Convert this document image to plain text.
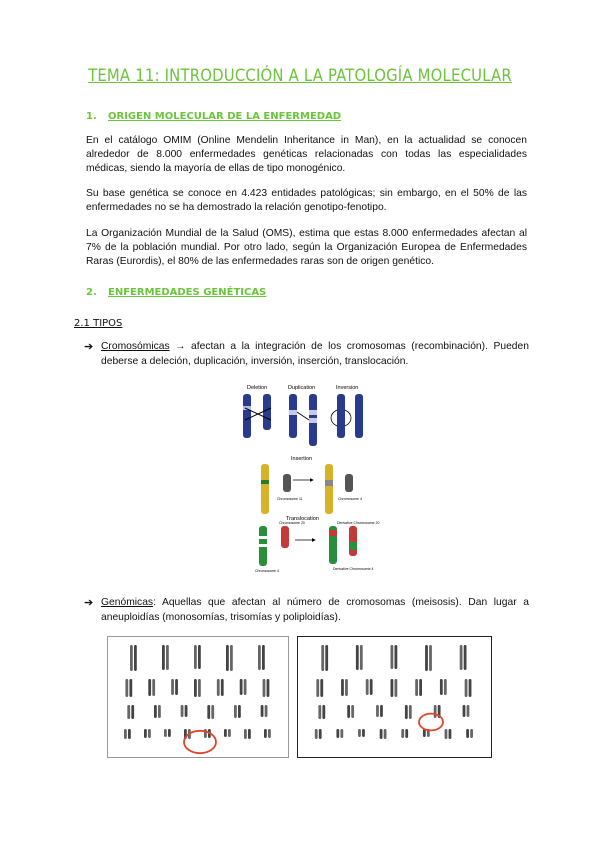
TEMA 11: INTRODUCCIÓN A LA PATOLOGÍA MOLECULAR
1. ORIGEN MOLECULAR DE LA ENFERMEDAD
En el catálogo OMIM (Online Mendelin Inheritance in Man), en la actualidad se conocen alrededor de 8.000 enfermedades genéticas relacionadas con todas las especialidades médicas, siendo la mayoría de ellas de tipo monogénico.
Su base genética se conoce en 4.423 entidades patológicas; sin embargo, en el 50% de las enfermedades no se ha demostrado la relación genotipo-fenotipo.
La Organización Mundial de la Salud (OMS), estima que estas 8.000 enfermedades afectan al 7% de la población mundial. Por otro lado, según la Organización Europea de Enfermedades Raras (Eurordis), el 80% de las enfermedades raras son de origen genético.
2. ENFERMEDADES GENÉTICAS
2.1 TIPOS
➔ Cromosómicas → afectan a la integración de los cromosomas (recombinación). Pueden deberse a deleción, duplicación, inversión, inserción, translocación.
Deletion	Duplication	Inversion
Insertion
Chromosome 11	Chromosome 4
Translocation
Chromosome 20
Chromosome 4
Derivative Chromosome 20
Derivative Chromosome 4
➔ Genómicas: Aquellas que afectan al número de cromosomas (meisosis). Dan lugar a aneuploidías (monosomías, trisomías y poliploidías).
